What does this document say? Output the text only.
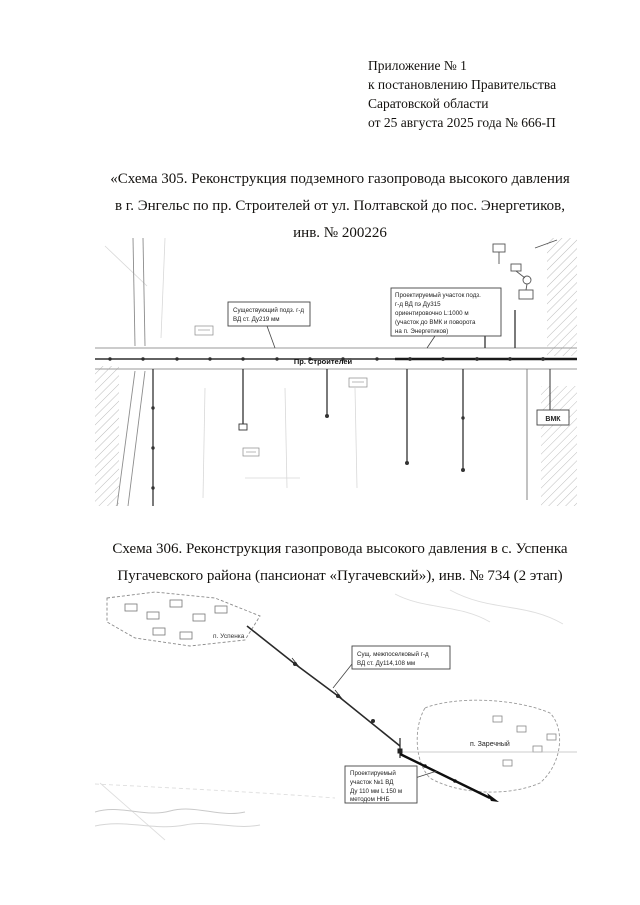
Приложение № 1
к постановлению Правительства
Саратовской области
от 25 августа 2025 года № 666-П
«Схема 305. Реконструкция подземного газопровода высокого давления
в г. Энгельс по пр. Строителей от ул. Полтавской до пос. Энергетиков,
инв. № 200226
Существующий подз. г-д
ВД ст. Ду219 мм
Проектируемый участок подз.
г-д ВД пэ Ду315
ориентировочно L:1000 м
(участок до ВМК и поворота
на п. Энергетиков)
Пр. Строителей
ВМК
Схема 306. Реконструкция газопровода высокого давления в с. Успенка
Пугачевского района (пансионат «Пугачевский»), инв. № 734 (2 этап)
п. Успенка
Сущ. межпоселковый г-д
ВД ст. Ду114,108 мм
п. Заречный
Проектируемый
участок №1 ВД
Ду 110 мм L 150 м
методом ННБ
